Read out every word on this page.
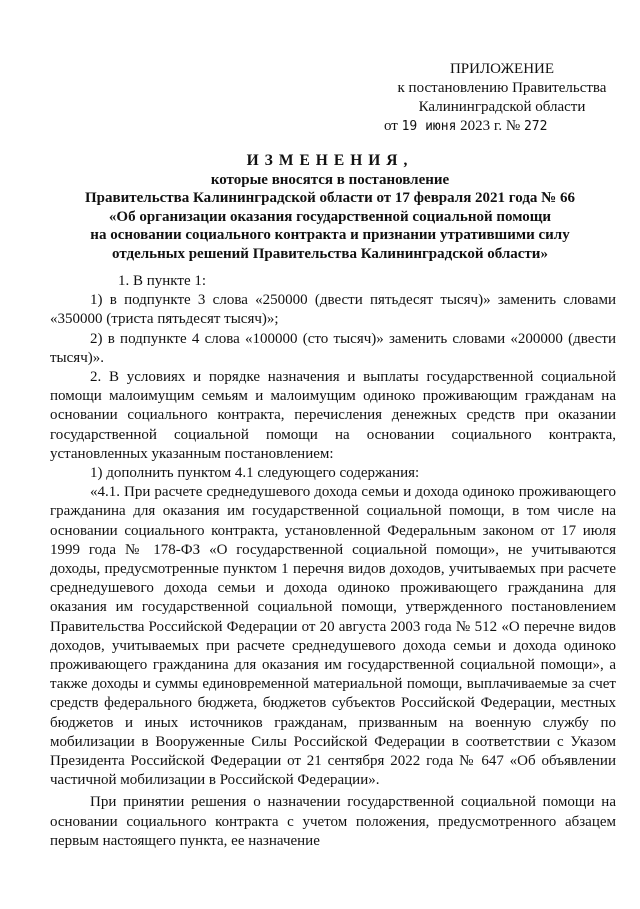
ПРИЛОЖЕНИЕ
к постановлению Правительства
Калининградской области
от 19 июня 2023 г. № 272
ИЗМЕНЕНИЯ,
которые вносятся в постановление
Правительства Калининградской области от 17 февраля 2021 года № 66
«Об организации оказания государственной социальной помощи
на основании социального контракта и признании утратившими силу
отдельных решений Правительства Калининградской области»

1. В пункте 1:

1) в подпункте 3 слова «250000 (двести пятьдесят тысяч)» заменить словами «350000 (триста пятьдесят тысяч)»;

2) в подпункте 4 слова «100000 (сто тысяч)» заменить словами «200000 (двести тысяч)».

2. В условиях и порядке назначения и выплаты государственной социальной помощи малоимущим семьям и малоимущим одиноко проживающим гражданам на основании социального контракта, перечисления денежных средств при оказании государственной социальной помощи на основании социального контракта, установленных указанным постановлением:

1) дополнить пунктом 4.1 следующего содержания:

«4.1. При расчете среднедушевого дохода семьи и дохода одиноко проживающего гражданина для оказания им государственной социальной помощи, в том числе на основании социального контракта, установленной Федеральным законом от 17 июля 1999 года № 178-ФЗ «О государственной социальной помощи», не учитываются доходы, предусмотренные пунктом 1 перечня видов доходов, учитываемых при расчете среднедушевого дохода семьи и дохода одиноко проживающего гражданина для оказания им государственной социальной помощи, утвержденного постановлением Правительства Российской Федерации от 20 августа 2003 года № 512 «О перечне видов доходов, учитываемых при расчете среднедушевого дохода семьи и дохода одиноко проживающего гражданина для оказания им государственной социальной помощи», а также доходы и суммы единовременной материальной помощи, выплачиваемые за счет средств федерального бюджета, бюджетов субъектов Российской Федерации, местных бюджетов и иных источников гражданам, призванным на военную службу по мобилизации в Вооруженные Силы Российской Федерации в соответствии с Указом Президента Российской Федерации от 21 сентября 2022 года № 647 «Об объявлении частичной мобилизации в Российской Федерации».

При принятии решения о назначении государственной социальной помощи на основании социального контракта с учетом положения, предусмотренного абзацем первым настоящего пункта, ее назначение
